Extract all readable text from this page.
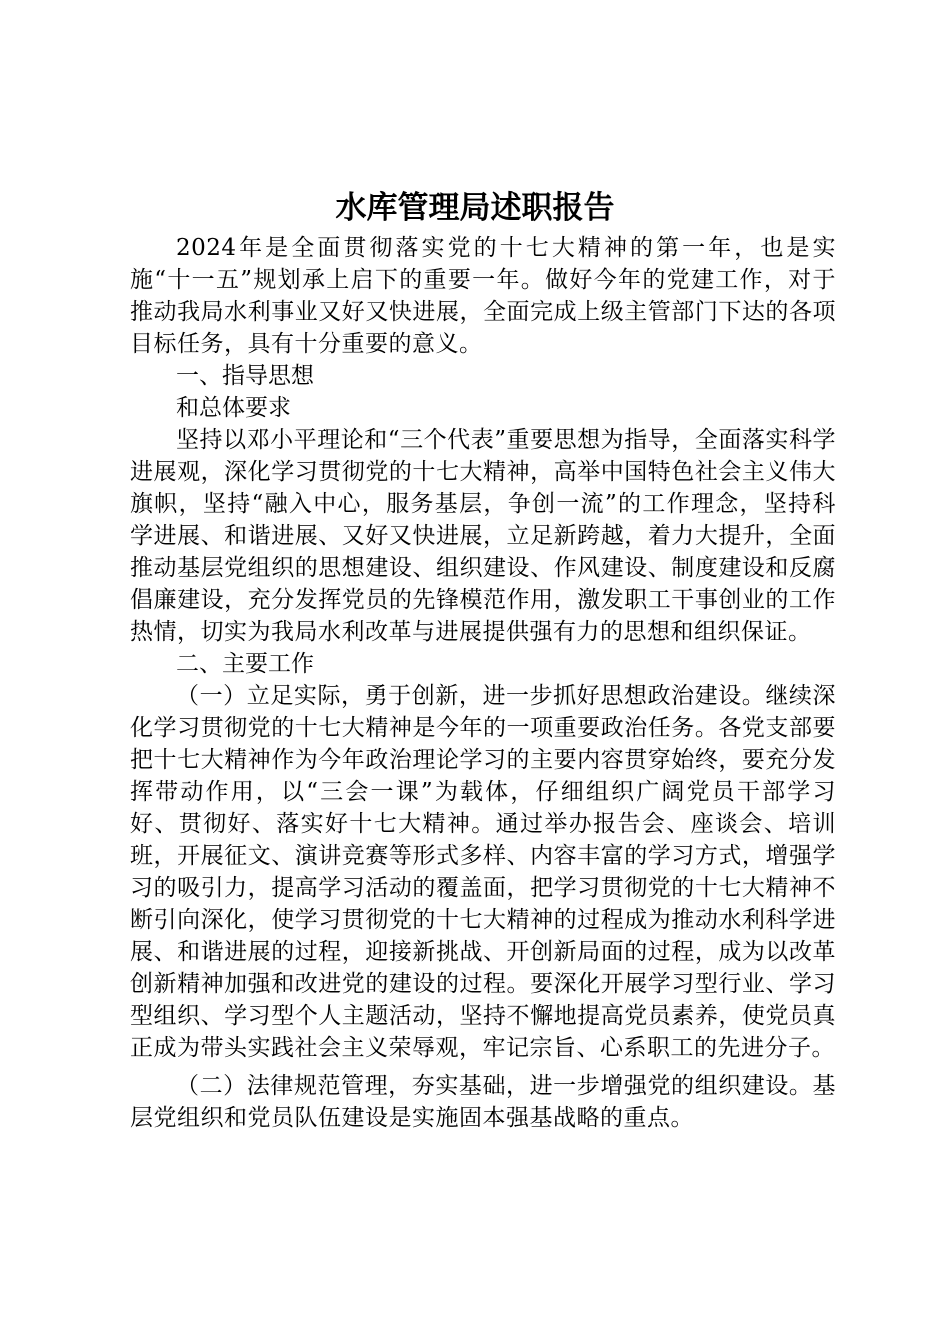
水库管理局述职报告

2024年是全面贯彻落实党的十七大精神的第一年，也是实施“十一五”规划承上启下的重要一年。做好今年的党建工作，对于推动我局水利事业又好又快进展，全面完成上级主管部门下达的各项目标任务，具有十分重要的意义。

一、指导思想

和总体要求

坚持以邓小平理论和“三个代表”重要思想为指导，全面落实科学进展观，深化学习贯彻党的十七大精神，高举中国特色社会主义伟大旗帜，坚持“融入中心，服务基层，争创一流”的工作理念，坚持科学进展、和谐进展、又好又快进展，立足新跨越，着力大提升，全面推动基层党组织的思想建设、组织建设、作风建设、制度建设和反腐倡廉建设，充分发挥党员的先锋模范作用，激发职工干事创业的工作热情，切实为我局水利改革与进展提供强有力的思想和组织保证。

二、主要工作

（一）立足实际，勇于创新，进一步抓好思想政治建设。继续深化学习贯彻党的十七大精神是今年的一项重要政治任务。各党支部要把十七大精神作为今年政治理论学习的主要内容贯穿始终，要充分发挥带动作用，以“三会一课”为载体，仔细组织广阔党员干部学习好、贯彻好、落实好十七大精神。通过举办报告会、座谈会、培训班，开展征文、演讲竞赛等形式多样、内容丰富的学习方式，增强学习的吸引力，提高学习活动的覆盖面，把学习贯彻党的十七大精神不断引向深化，使学习贯彻党的十七大精神的过程成为推动水利科学进展、和谐进展的过程，迎接新挑战、开创新局面的过程，成为以改革创新精神加强和改进党的建设的过程。要深化开展学习型行业、学习型组织、学习型个人主题活动，坚持不懈地提高党员素养，使党员真正成为带头实践社会主义荣辱观，牢记宗旨、心系职工的先进分子。

（二）法律规范管理，夯实基础，进一步增强党的组织建设。基层党组织和党员队伍建设是实施固本强基战略的重点。
